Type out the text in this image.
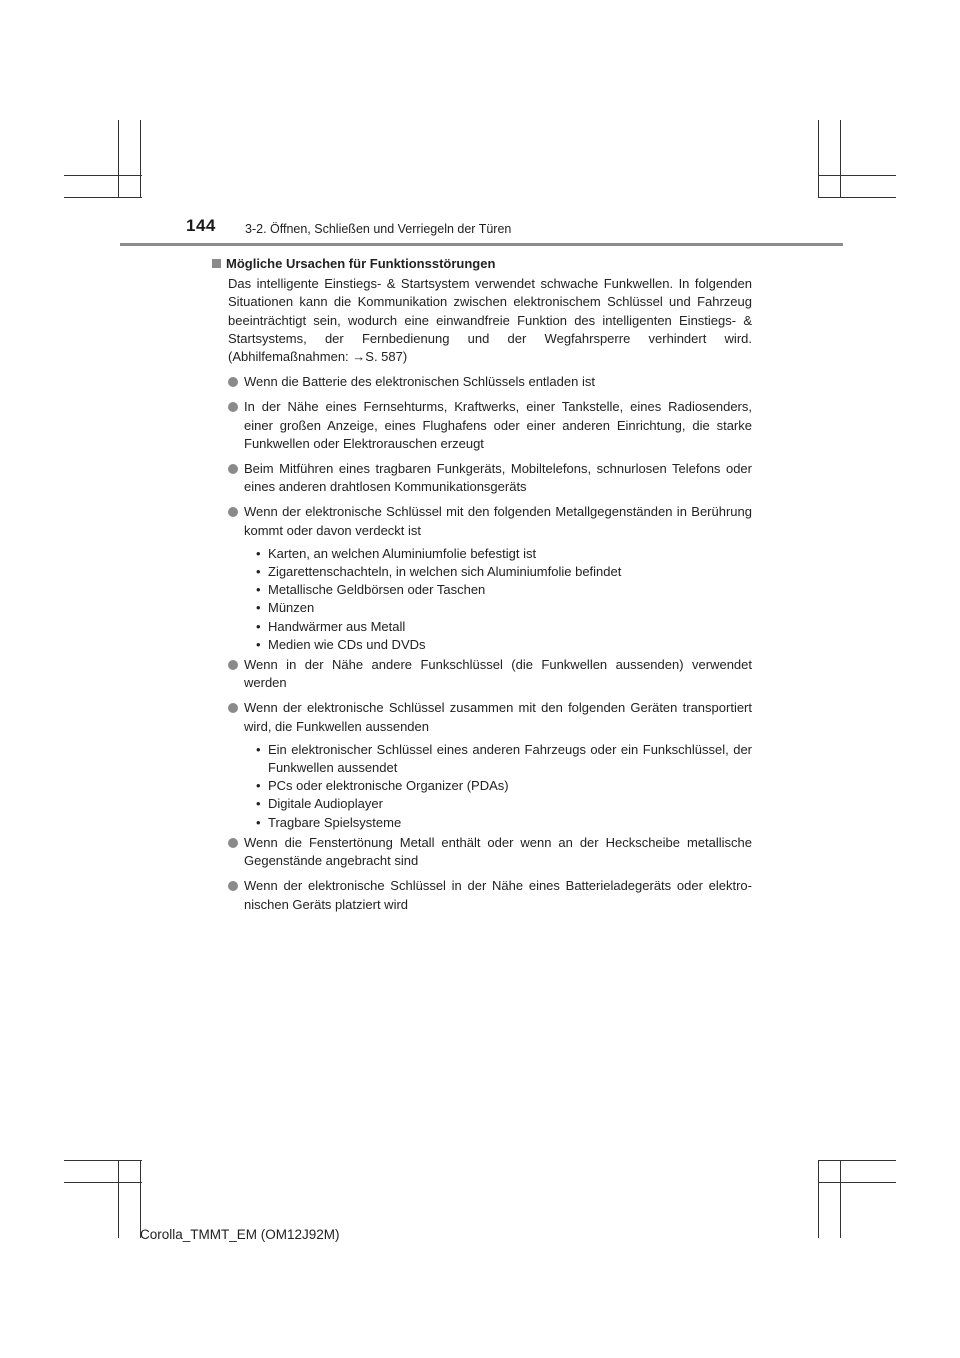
144 3-2. Öffnen, Schließen und Verriegeln der Türen
Mögliche Ursachen für Funktionsstörungen
Das intelligente Einstiegs- & Startsystem verwendet schwache Funkwellen. In folgenden Situationen kann die Kommunikation zwischen elektronischem Schlüssel und Fahrzeug beeinträchtigt sein, wodurch eine einwandfreie Funktion des intelligenten Einstiegs- & Startsystems, der Fernbedienung und der Wegfahrsperre verhindert wird. (Abhilfemaßnahmen: →S. 587)
Wenn die Batterie des elektronischen Schlüssels entladen ist
In der Nähe eines Fernsehturms, Kraftwerks, einer Tankstelle, eines Radiosenders, einer großen Anzeige, eines Flughafens oder einer anderen Einrichtung, die starke Funkwellen oder Elektrorauschen erzeugt
Beim Mitführen eines tragbaren Funkgeräts, Mobiltelefons, schnurlosen Telefons oder eines anderen drahtlosen Kommunikationsgeräts
Wenn der elektronische Schlüssel mit den folgenden Metallgegenständen in Berührung kommt oder davon verdeckt ist
• Karten, an welchen Aluminiumfolie befestigt ist
• Zigarettenschachteln, in welchen sich Aluminiumfolie befindet
• Metallische Geldbörsen oder Taschen
• Münzen
• Handwärmer aus Metall
• Medien wie CDs und DVDs
Wenn in der Nähe andere Funkschlüssel (die Funkwellen aussenden) verwendet werden
Wenn der elektronische Schlüssel zusammen mit den folgenden Geräten transportiert wird, die Funkwellen aussenden
• Ein elektronischer Schlüssel eines anderen Fahrzeugs oder ein Funkschlüssel, der Funkwellen aussendet
• PCs oder elektronische Organizer (PDAs)
• Digitale Audioplayer
• Tragbare Spielsysteme
Wenn die Fenstertönung Metall enthält oder wenn an der Heckscheibe metallische Gegenstände angebracht sind
Wenn der elektronische Schlüssel in der Nähe eines Batterieladegeräts oder elektronischen Geräts platziert wird
Corolla_TMMT_EM (OM12J92M)
